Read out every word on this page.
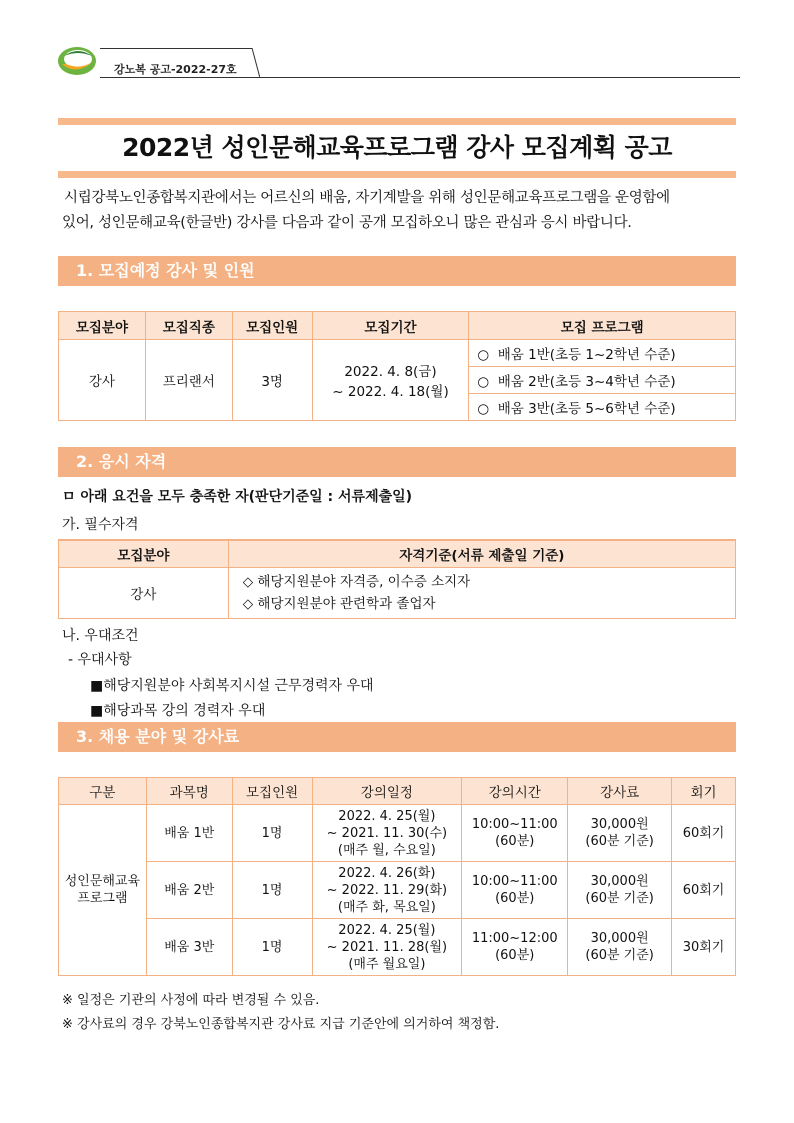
강노복 공고-2022-27호
2022년 성인문해교육프로그램 강사 모집계획 공고
시립강북노인종합복지관에서는 어르신의 배움, 자기계발을 위해 성인문해교육프로그램을 운영함에
있어, 성인문해교육(한글반) 강사를 다음과 같이 공개 모집하오니 많은 관심과 응시 바랍니다.
1. 모집예정 강사 및 인원
모집분야	모집직종	모집인원	모집기간	모집 프로그램
강사	프리랜서	3명	2022. 4. 8(금)
~ 2022. 4. 18(월)	○ 배움 1반(초등 1~2학년 수준)
				○ 배움 2반(초등 3~4학년 수준)
				○ 배움 3반(초등 5~6학년 수준)
2. 응시 자격
ㅁ 아래 요건을 모두 충족한 자(판단기준일 : 서류제출일)
가. 필수자격
모집분야	자격기준(서류 제출일 기준)
강사	◇ 해당지원분야 자격증, 이수증 소지자
◇ 해당지원분야 관련학과 졸업자
나. 우대조건
- 우대사항
■해당지원분야 사회복지시설 근무경력자 우대
■해당과목 강의 경력자 우대
3. 채용 분야 및 강사료
구분	과목명	모집인원	강의일정	강의시간	강사료	회기

성인문해교육
프로그램	배움 1반	1명	2022. 4. 25(월)
~ 2021. 11. 30(수)
(매주 월, 수요일)	10:00~11:00
(60분)	30,000원
(60분 기준)	60회기
	배움 2반	1명	2022. 4. 26(화)
~ 2022. 11. 29(화)
(매주 화, 목요일)	10:00~11:00
(60분)	30,000원
(60분 기준)	60회기
	배움 3반	1명	2022. 4. 25(월)
~ 2021. 11. 28(월)
(매주 월요일)	11:00~12:00
(60분)	30,000원
(60분 기준)	30회기
※ 일정은 기관의 사정에 따라 변경될 수 있음.
※ 강사료의 경우 강북노인종합복지관 강사료 지급 기준안에 의거하여 책정함.
